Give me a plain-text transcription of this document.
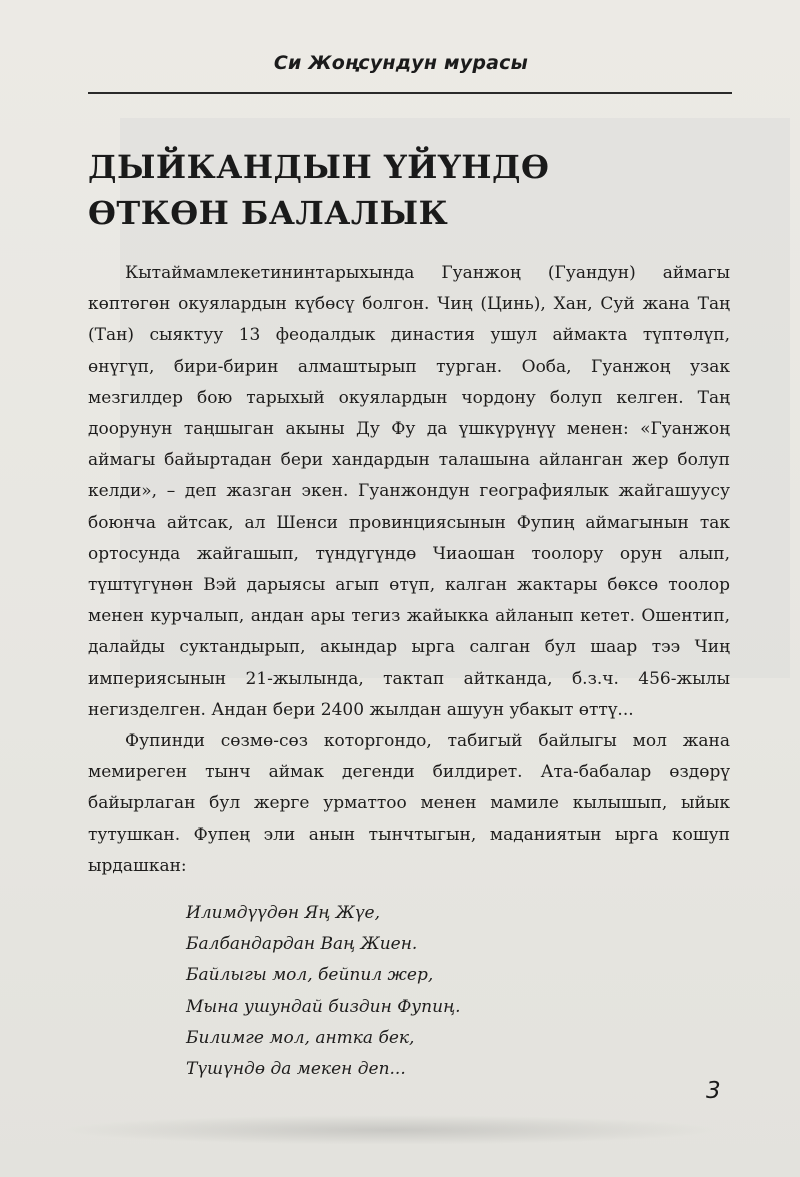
Си Жоңсундун мурасы
ДЫЙКАНДЫН ҮЙҮНДӨ
ӨТКӨН БАЛАЛЫК

Кытаймамлекетининтарыхында Гуанжоң (Гуандун) аймагы көптөгөн окуялардын күбөсү болгон. Чиң (Цинь), Хан, Суй жана Таң (Тан) сыяктуу 13 феодалдык династия ушул аймакта түптөлүп, өнүгүп, бири-бирин алмаштырып турган. Ооба, Гуанжоң узак мезгилдер бою тарыхый окуялардын чордону болуп келген. Таң доорунун таңшыган акыны Ду Фу да үшкүрүнүү менен: «Гуанжоң аймагы байыртадан бери хандардын талашына айланган жер болуп келди», – деп жазган экен. Гуанжондун географиялык жайгашуусу боюнча айтсак, ал Шенси провинциясынын Фупиң аймагынын так ортосунда жайгашып, түндүгүндө Чиаошан тоолору орун алып, түштүгүнөн Вэй дарыясы агып өтүп, калган жактары бөксө тоолор менен курчалып, андан ары тегиз жайыкка айланып кетет. Ошентип, далайды суктандырып, акындар ырга салган бул шаар тээ Чиң империясынын 21-жылында, тактап айтканда, б.з.ч. 456-жылы негизделген. Андан бери 2400 жылдан ашуун убакыт өттү...

Фупинди сөзмө-сөз которгондо, табигый байлыгы мол жана мемиреген тынч аймак дегенди билдирет. Ата-бабалар өздөрү байырлаган бул жерге урматтоо менен мамиле кылышып, ыйык тутушкан. Фупең эли анын тынчтыгын, маданиятын ырга кошуп ырдашкан:

Илимдүүдөн Яң Жүе,
Балбандардан Ваң Жиен.
Байлыгы мол, бейпил жер,
Мына ушундай биздин Фупиң.
Билимге мол, антка бек,
Түшүндө да мекен деп...
3
